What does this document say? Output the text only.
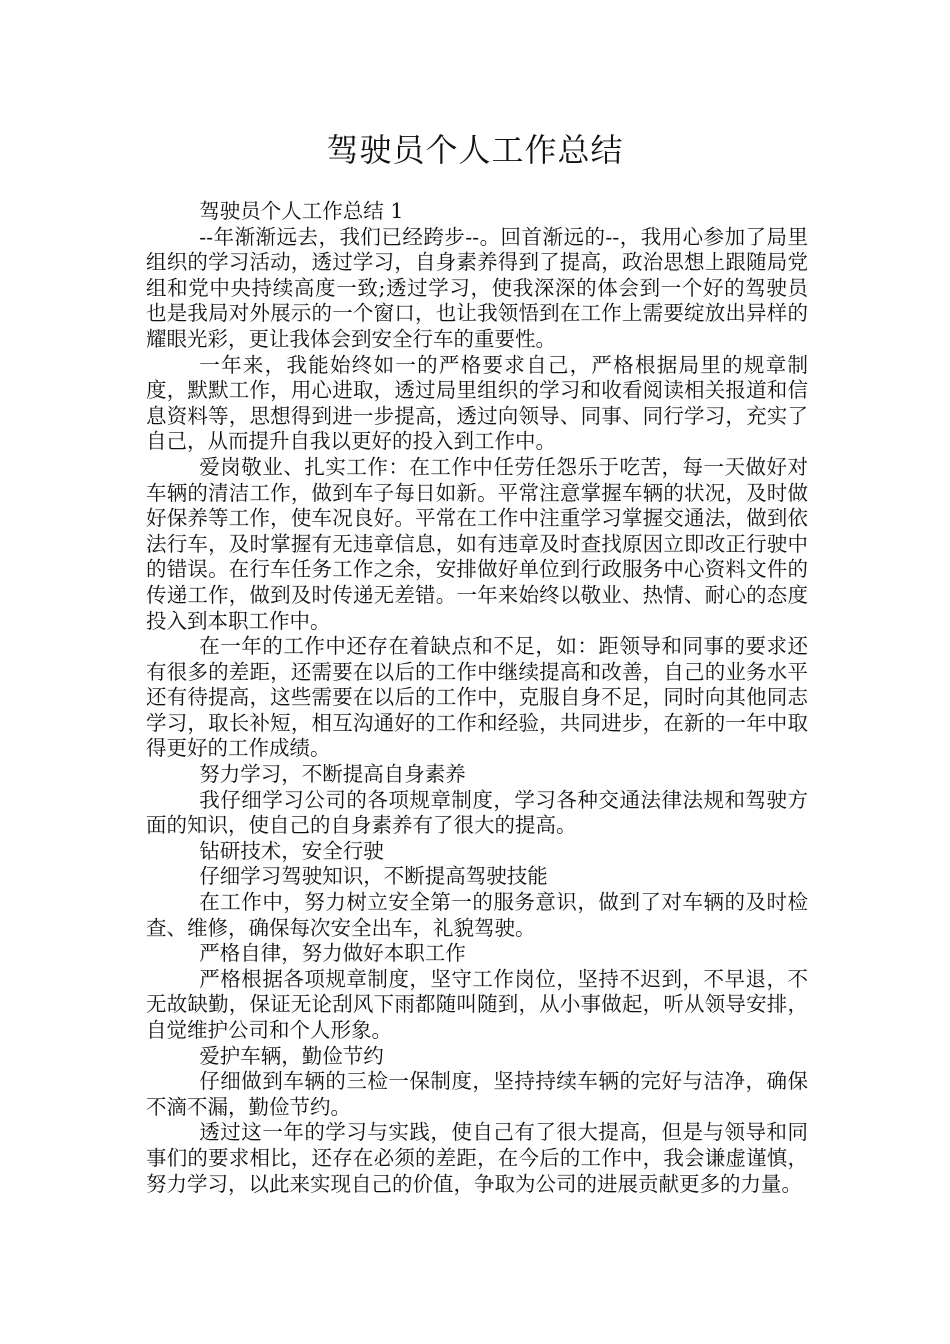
驾驶员个人工作总结

驾驶员个人工作总结 1

--年渐渐远去，我们已经跨步--。回首渐远的--，我用心参加了局里组织的学习活动，透过学习，自身素养得到了提高，政治思想上跟随局党组和党中央持续高度一致;透过学习，使我深深的体会到一个好的驾驶员也是我局对外展示的一个窗口，也让我领悟到在工作上需要绽放出异样的耀眼光彩，更让我体会到安全行车的重要性。

一年来，我能始终如一的严格要求自己，严格根据局里的规章制度，默默工作，用心进取，透过局里组织的学习和收看阅读相关报道和信息资料等，思想得到进一步提高，透过向领导、同事、同行学习，充实了自己，从而提升自我以更好的投入到工作中。

爱岗敬业、扎实工作：在工作中任劳任怨乐于吃苦，每一天做好对车辆的清洁工作，做到车子每日如新。平常注意掌握车辆的状况，及时做好保养等工作，使车况良好。平常在工作中注重学习掌握交通法，做到依法行车，及时掌握有无违章信息，如有违章及时查找原因立即改正行驶中的错误。在行车任务工作之余，安排做好单位到行政服务中心资料文件的传递工作，做到及时传递无差错。一年来始终以敬业、热情、耐心的态度投入到本职工作中。

在一年的工作中还存在着缺点和不足，如：距领导和同事的要求还有很多的差距，还需要在以后的工作中继续提高和改善，自己的业务水平还有待提高，这些需要在以后的工作中，克服自身不足，同时向其他同志学习，取长补短，相互沟通好的工作和经验，共同进步，在新的一年中取得更好的工作成绩。

努力学习，不断提高自身素养

我仔细学习公司的各项规章制度，学习各种交通法律法规和驾驶方面的知识，使自己的自身素养有了很大的提高。

钻研技术，安全行驶

仔细学习驾驶知识，不断提高驾驶技能

在工作中，努力树立安全第一的服务意识，做到了对车辆的及时检查、维修，确保每次安全出车，礼貌驾驶。

严格自律，努力做好本职工作

严格根据各项规章制度，坚守工作岗位，坚持不迟到，不早退，不无故缺勤，保证无论刮风下雨都随叫随到，从小事做起，听从领导安排，自觉维护公司和个人形象。

爱护车辆，勤俭节约

仔细做到车辆的三检一保制度，坚持持续车辆的完好与洁净，确保不滴不漏，勤俭节约。

透过这一年的学习与实践，使自己有了很大提高，但是与领导和同事们的要求相比，还存在必须的差距，在今后的工作中，我会谦虚谨慎，努力学习，以此来实现自己的价值，争取为公司的进展贡献更多的力量。
